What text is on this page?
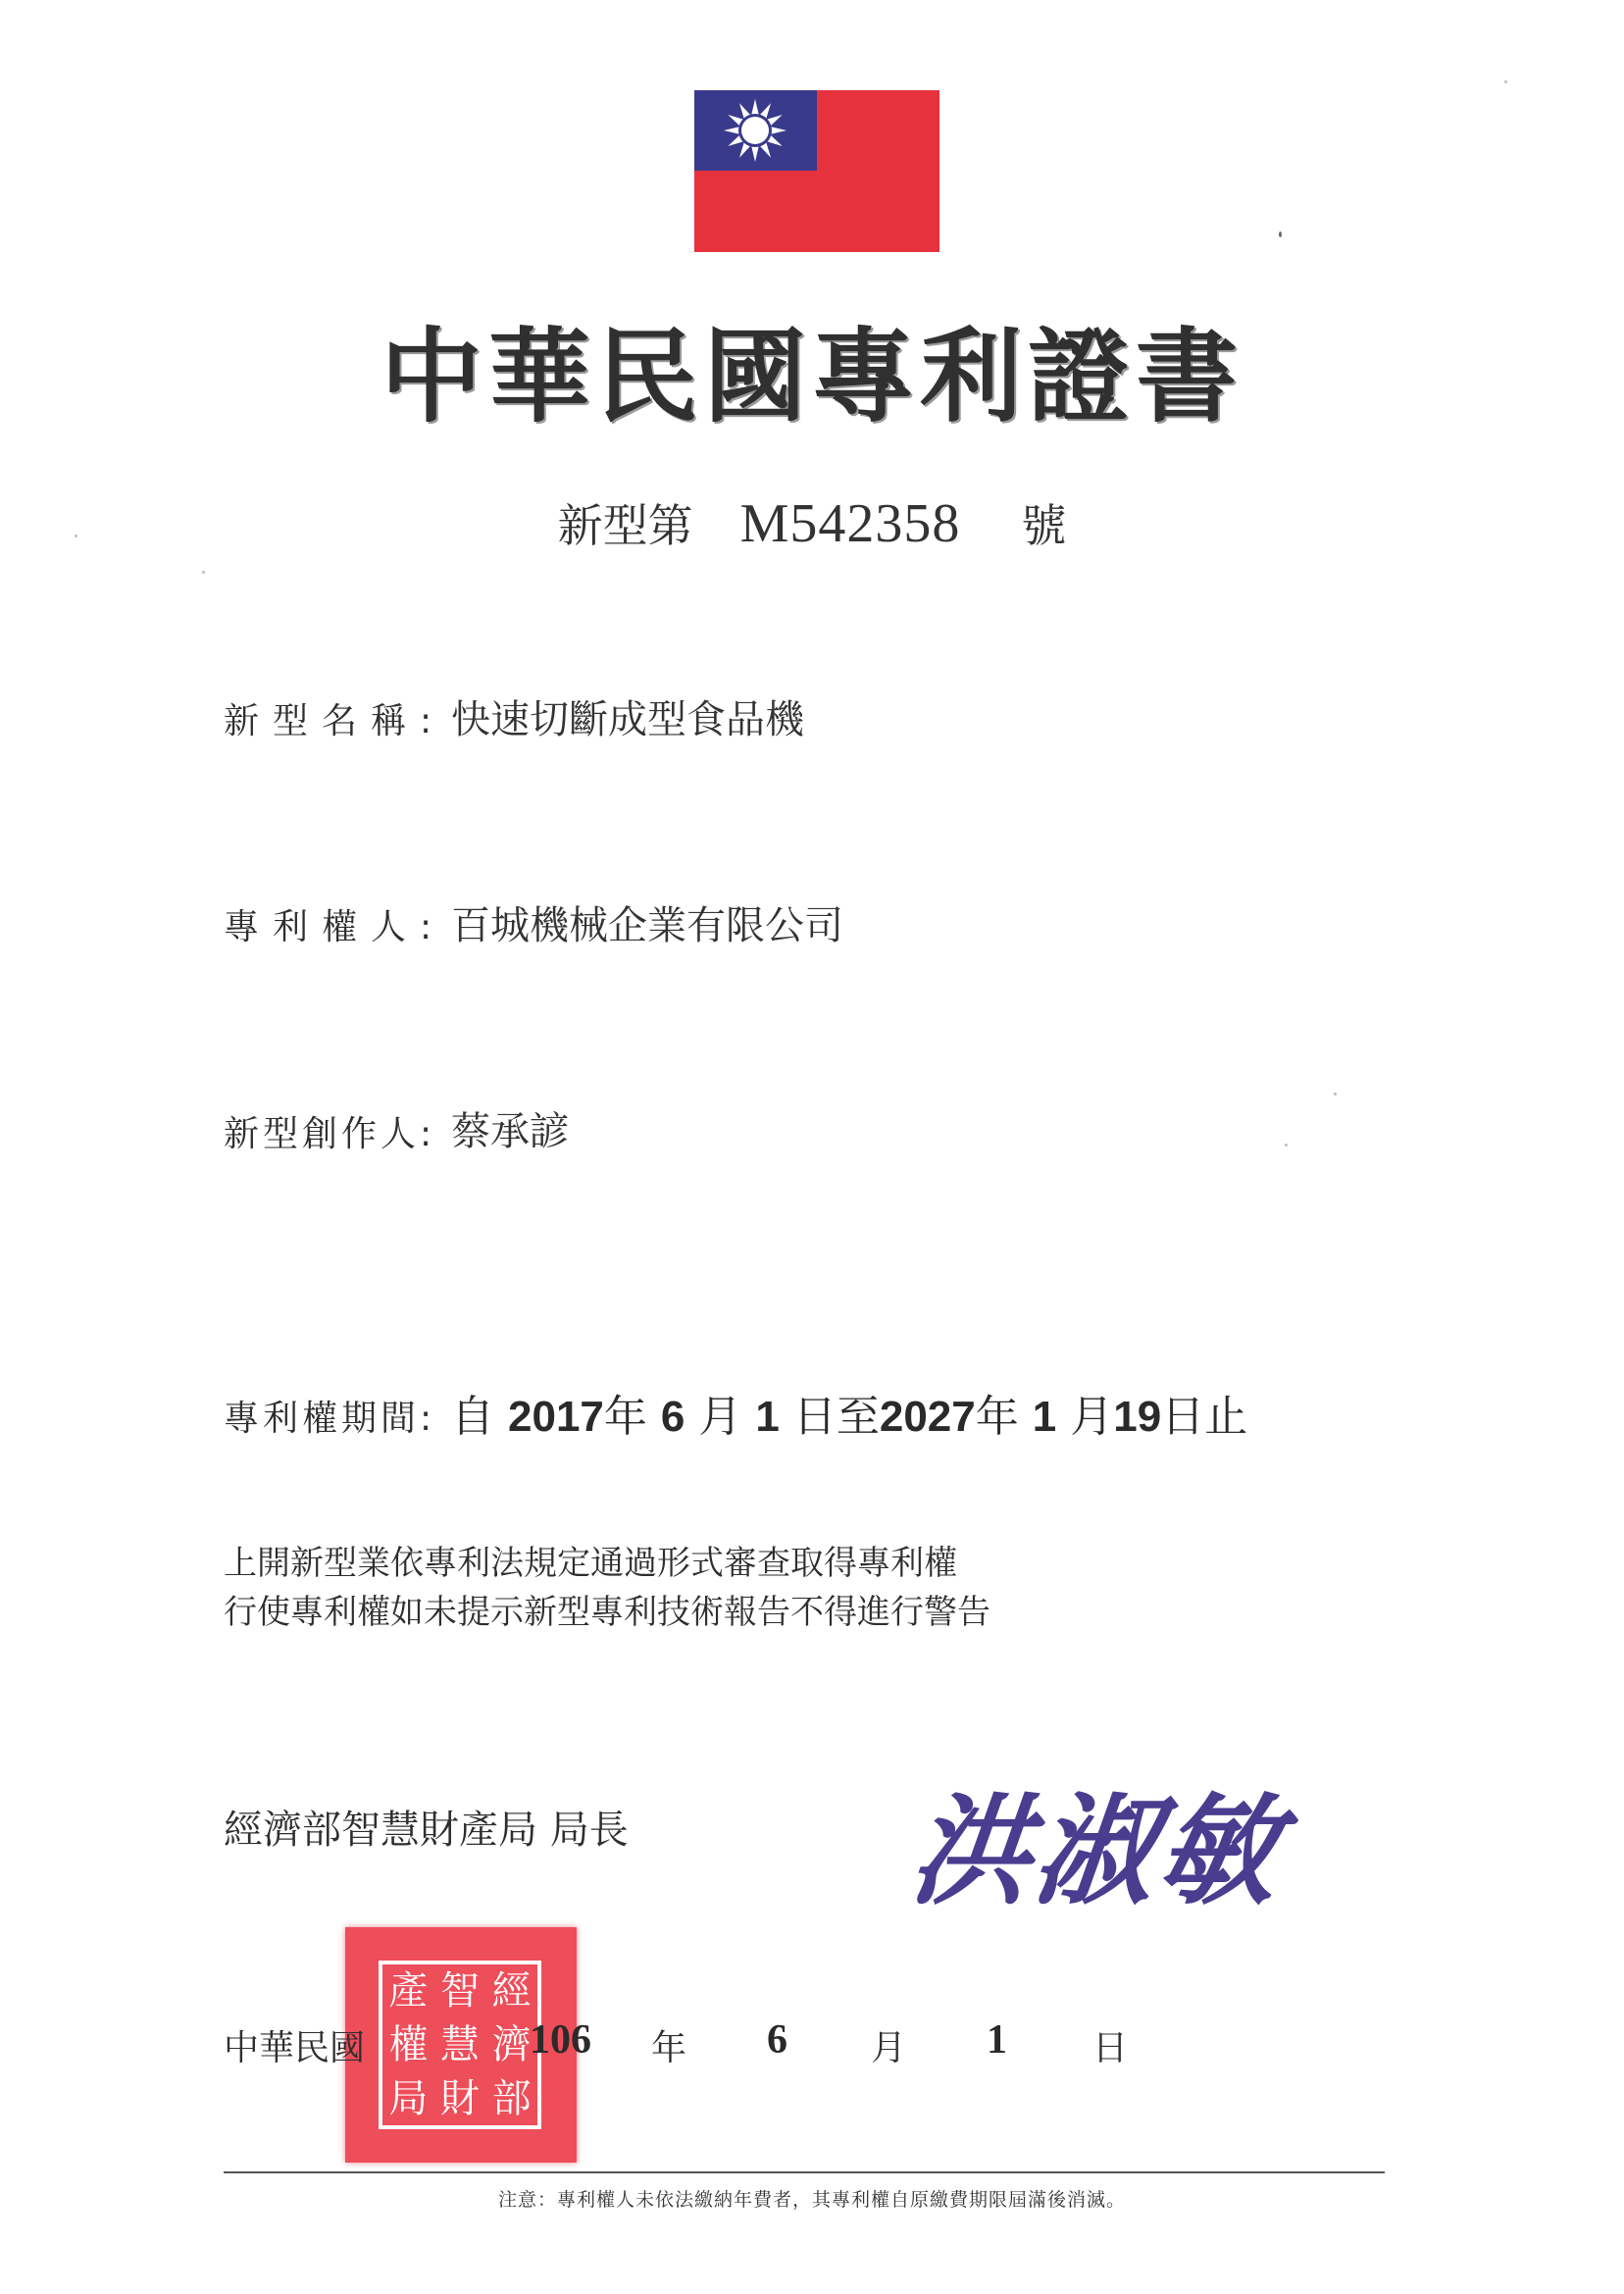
中華民國專利證書
新型第 M542358 號
新型名稱: 快速切斷成型食品機
專利權人: 百城機械企業有限公司
新型創作人: 蔡承諺
專利權期間: 自 2017年 6 月 1 日至2027年 1 月19日止
上開新型業依專利法規定通過形式審查取得專利權
行使專利權如未提示新型專利技術報告不得進行警告
經濟部智慧財產局 局長 洪淑敏
產 智 經
權 慧 濟
局 財 部
中華民國	106 年 6 月 1 日
注意：專利權人未依法繳納年費者，其專利權自原繳費期限屆滿後消滅。
